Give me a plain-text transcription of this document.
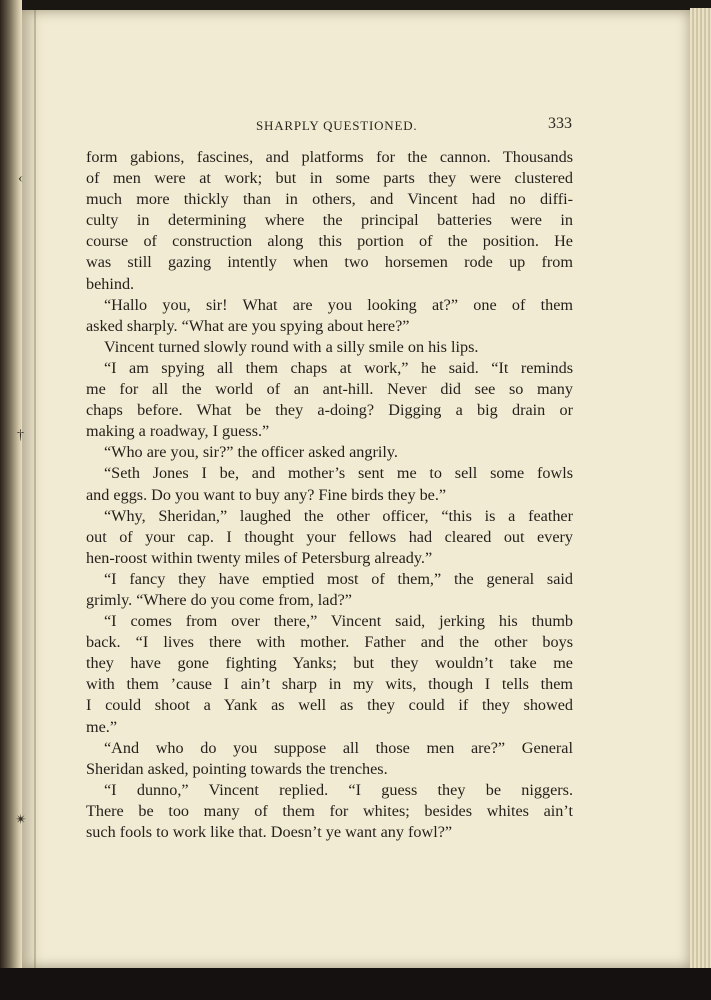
‹
†
✴
SHARPLY QUESTIONED.	333
form gabions, fascines, and platforms for the cannon. Thousands
of men were at work; but in some parts they were clustered
much more thickly than in others, and Vincent had no diffi-
culty in determining where the principal batteries were in
course of construction along this portion of the position. He
was still gazing intently when two horsemen rode up from
behind.
“Hallo you, sir! What are you looking at?” one of them
asked sharply. “What are you spying about here?”
Vincent turned slowly round with a silly smile on his lips.
“I am spying all them chaps at work,” he said. “It reminds
me for all the world of an ant-hill. Never did see so many
chaps before. What be they a-doing? Digging a big drain or
making a roadway, I guess.”
“Who are you, sir?” the officer asked angrily.
“Seth Jones I be, and mother’s sent me to sell some fowls
and eggs. Do you want to buy any? Fine birds they be.”
“Why, Sheridan,” laughed the other officer, “this is a feather
out of your cap. I thought your fellows had cleared out every
hen-roost within twenty miles of Petersburg already.”
“I fancy they have emptied most of them,” the general said
grimly. “Where do you come from, lad?”
“I comes from over there,” Vincent said, jerking his thumb
back. “I lives there with mother. Father and the other boys
they have gone fighting Yanks; but they wouldn’t take me
with them ’cause I ain’t sharp in my wits, though I tells them
I could shoot a Yank as well as they could if they showed
me.”
“And who do you suppose all those men are?” General
Sheridan asked, pointing towards the trenches.
“I dunno,” Vincent replied. “I guess they be niggers.
There be too many of them for whites; besides whites ain’t
such fools to work like that. Doesn’t ye want any fowl?”
